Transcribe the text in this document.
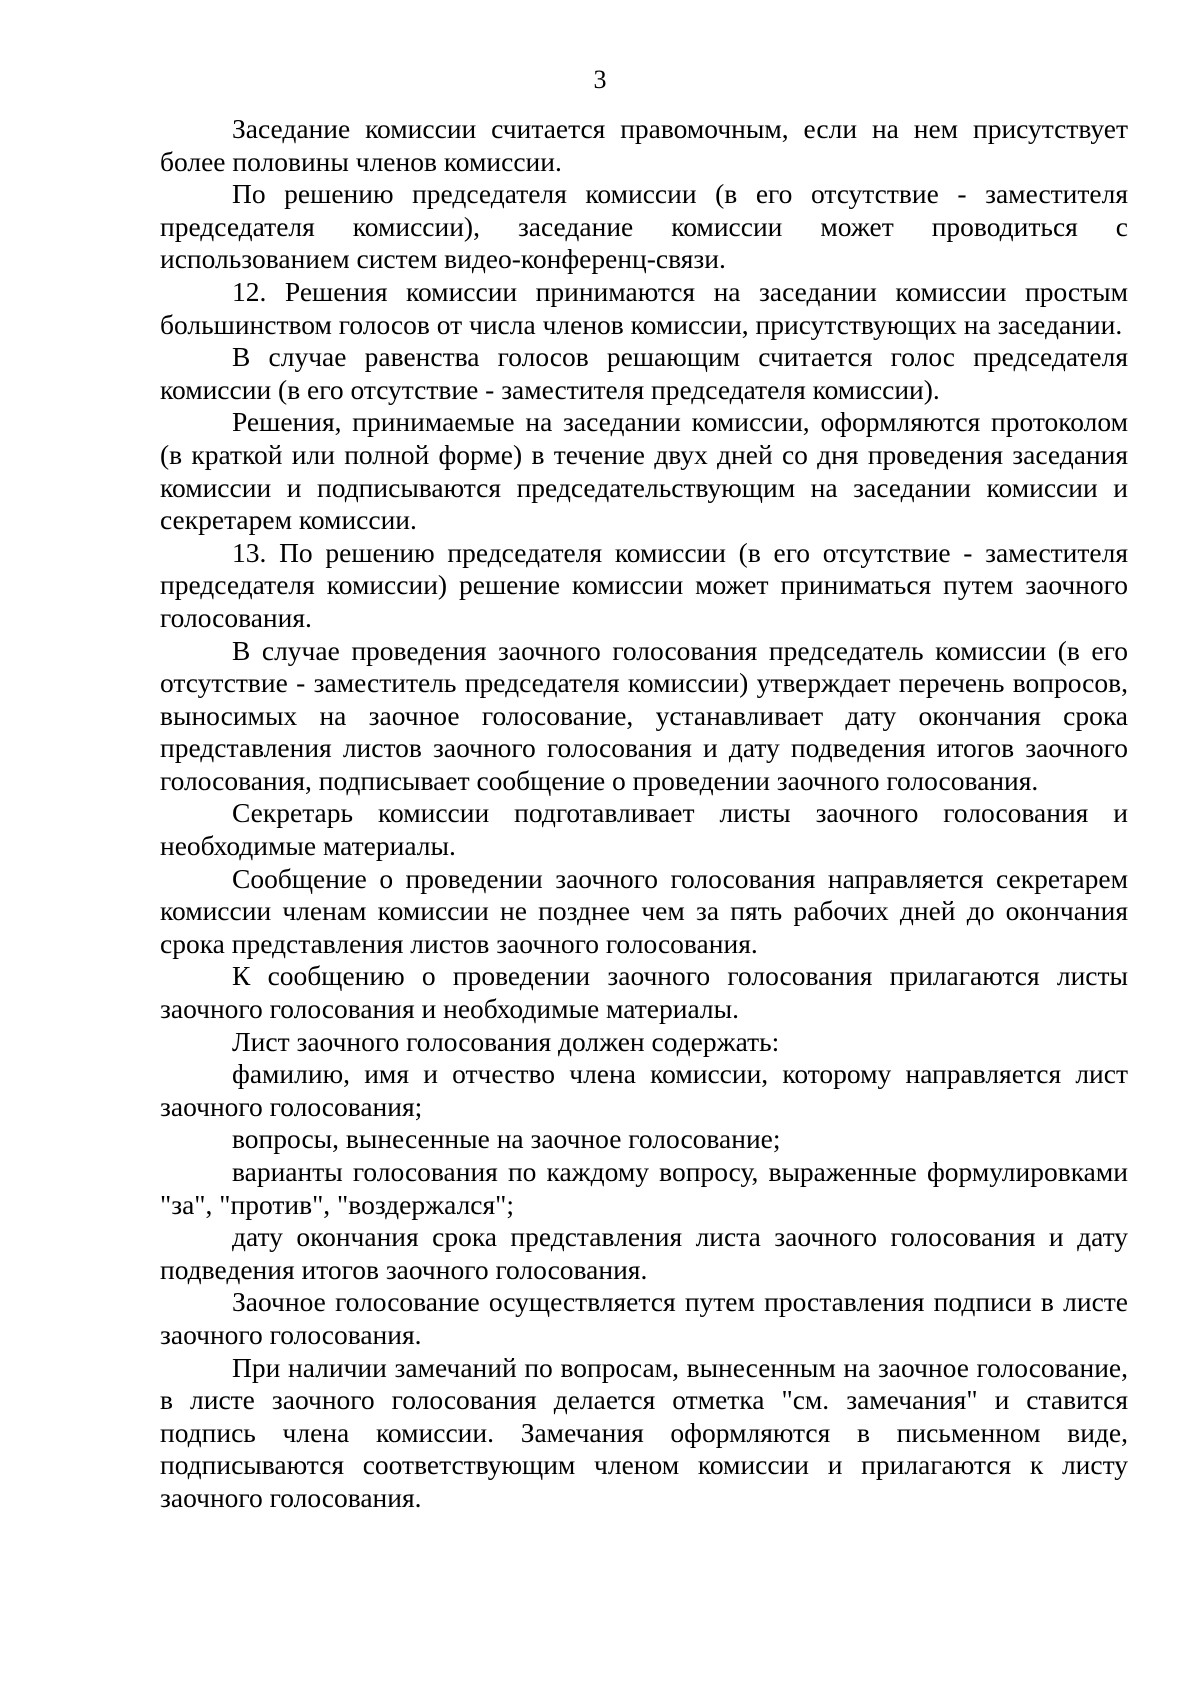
3

Заседание комиссии считается правомочным, если на нем присутствует более половины членов комиссии.

По решению председателя комиссии (в его отсутствие - заместителя председателя комиссии), заседание комиссии может проводиться с использованием систем видео-конференц-связи.

12. Решения комиссии принимаются на заседании комиссии простым большинством голосов от числа членов комиссии, присутствующих на заседании.

В случае равенства голосов решающим считается голос председателя комиссии (в его отсутствие - заместителя председателя комиссии).

Решения, принимаемые на заседании комиссии, оформляются протоколом (в краткой или полной форме) в течение двух дней со дня проведения заседания комиссии и подписываются председательствующим на заседании комиссии и секретарем комиссии.

13. По решению председателя комиссии (в его отсутствие - заместителя председателя комиссии) решение комиссии может приниматься путем заочного голосования.

В случае проведения заочного голосования председатель комиссии (в его отсутствие - заместитель председателя комиссии) утверждает перечень вопросов, выносимых на заочное голосование, устанавливает дату окончания срока представления листов заочного голосования и дату подведения итогов заочного голосования, подписывает сообщение о проведении заочного голосования.

Секретарь комиссии подготавливает листы заочного голосования и необходимые материалы.

Сообщение о проведении заочного голосования направляется секретарем комиссии членам комиссии не позднее чем за пять рабочих дней до окончания срока представления листов заочного голосования.

К сообщению о проведении заочного голосования прилагаются листы заочного голосования и необходимые материалы.

Лист заочного голосования должен содержать:

фамилию, имя и отчество члена комиссии, которому направляется лист заочного голосования;

вопросы, вынесенные на заочное голосование;

варианты голосования по каждому вопросу, выраженные формулировками "за", "против", "воздержался";

дату окончания срока представления листа заочного голосования и дату подведения итогов заочного голосования.

Заочное голосование осуществляется путем проставления подписи в листе заочного голосования.

При наличии замечаний по вопросам, вынесенным на заочное голосование, в листе заочного голосования делается отметка "см. замечания" и ставится подпись члена комиссии. Замечания оформляются в письменном виде, подписываются соответствующим членом комиссии и прилагаются к листу заочного голосования.
